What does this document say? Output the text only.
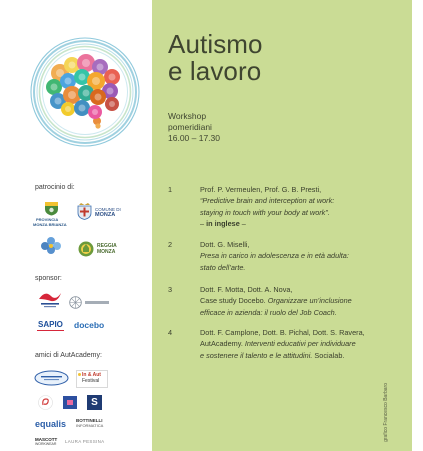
patrocinio di:
PROVINCIA
MONZA BRIANZA
COMUNE DI
MONZA
REGGIA
MONZA
sponsor:
SAPIO docebo
amici di AutAcademy:
In & Aut
Festival
S
equalis BOTTINELLI
INFORMATICA
MASCOTT
WORKWEAR LAURA PESSINA
Autismo
e lavoro
Workshop
pomeridiani
16.00 – 17.30
1	Prof. P. Vermeulen, Prof. G. B. Presti,
“Predictive brain and interception at work:
staying in touch with your body at work”.
– in inglese –
2	Dott. G. Miselli,
Presa in carico in adolescenza e in età adulta:
stato dell’arte.
3	Dott. F. Motta, Dott. A. Nova,
Case study Docebo. Organizzare un’inclusione
efficace in azienda: il ruolo del Job Coach.
4	Dott. F. Camplone, Dott. B. Pichal, Dott. S. Ravera,
AutAcademy. Interventi educativi per individuare
e sostenere il talento e le attitudini. Socialab.
grafico Francesco Barbaro
